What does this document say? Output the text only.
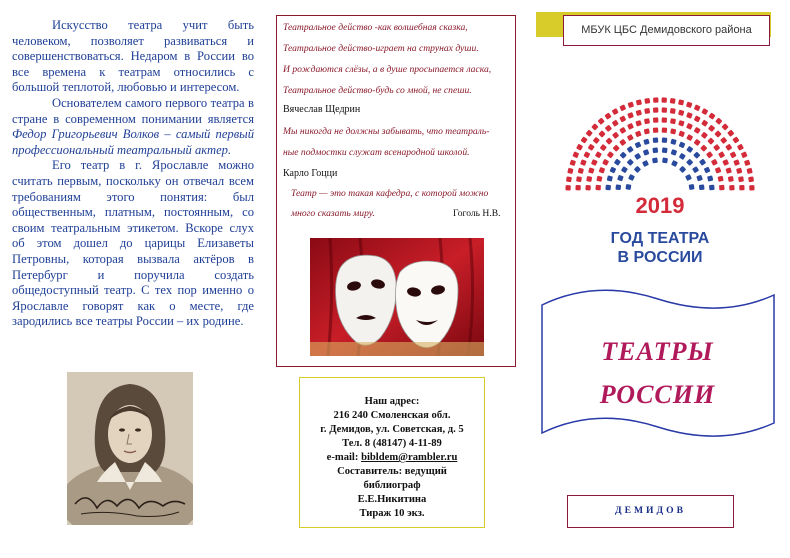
Искусство театра учит быть человеком, позволяет развиваться и совершенствоваться. Недаром в России во все времена к театрам относились с большой теплотой, любовью и интересом.

Основателем самого первого театра в стране в современном понимании является Федор Григорьевич Волков – самый первый профессиональный театральный актер.

Его театр в г. Ярославле можно считать первым, поскольку он отвечал всем требованиям этого понятия: был общественным, платным, постоянным, со своим театральным этикетом. Вскоре слух об этом дошел до царицы Елизаветы Петровны, которая вызвала актёров в Петербург и поручила создать общедоступный театр. С тех пор именно о Ярославле говорят как о месте, где зародились все театры России – их родине.

Театральное действо -как волшебная сказка,
Театральное действо-играет на струнах души.
И рождаются слёзы, а в душе просыпается ласка,
Театральное действо-будь со мной, не спеши.
Вячеслав Щедрин
Мы никогда не должны забывать, что театраль-
ные подмостки служат всенародной школой.
Карло Гоцци
Театр — это такая кафедра, с которой можно
много сказать миру.	Гоголь Н.В.
Наш адрес:
216 240 Смоленская обл.
г. Демидов, ул. Советская, д. 5
Тел. 8 (48147) 4-11-89
e-mail: bibldem@rambler.ru
Составитель: ведущий
библиограф
Е.Е.Никитина
Тираж 10 экз.
МБУК ЦБС Демидовского района
2019
ГОД ТЕАТРА
В РОССИИ
ТЕАТРЫ
РОССИИ
ДЕМИДОВ
